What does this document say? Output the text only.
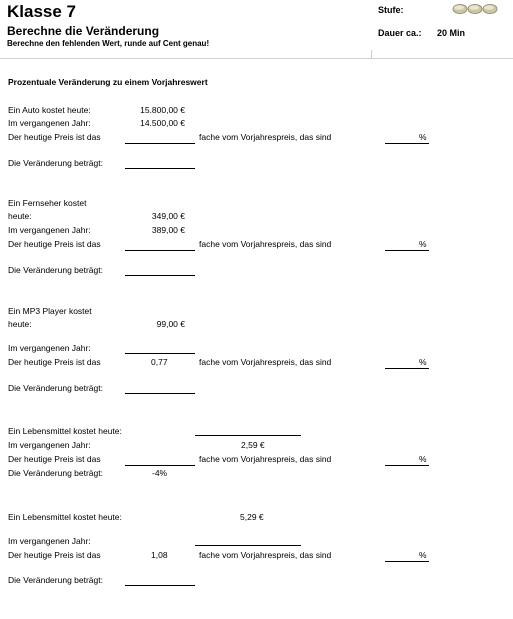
Klasse 7
Berechne die Veränderung
Berechne den fehlenden Wert, runde auf Cent genau!
Stufe:
Dauer ca.: 20 Min
Prozentuale Veränderung zu einem Vorjahreswert
Ein Auto kostet heute:	15.800,00 €
Im vergangenen Jahr:	14.500,00 €
Der heutige Preis ist das	fache vom Vorjahrespreis, das sind	%
Die Veränderung beträgt:
Ein Fernseher kostet
heute:	349,00 €
Im vergangenen Jahr:	389,00 €
Der heutige Preis ist das	fache vom Vorjahrespreis, das sind	%
Die Veränderung beträgt:
Ein MP3 Player kostet
heute:	99,00 €
Im vergangenen Jahr:
Der heutige Preis ist das	0,77	fache vom Vorjahrespreis, das sind	%
Die Veränderung beträgt:
Ein Lebensmittel kostet heute:
Im vergangenen Jahr:	2,59 €
Der heutige Preis ist das	fache vom Vorjahrespreis, das sind	%
Die Veränderung beträgt:	-4%
Ein Lebensmittel kostet heute:	5,29 €
Im vergangenen Jahr:
Der heutige Preis ist das	1,08	fache vom Vorjahrespreis, das sind	%
Die Veränderung beträgt:
